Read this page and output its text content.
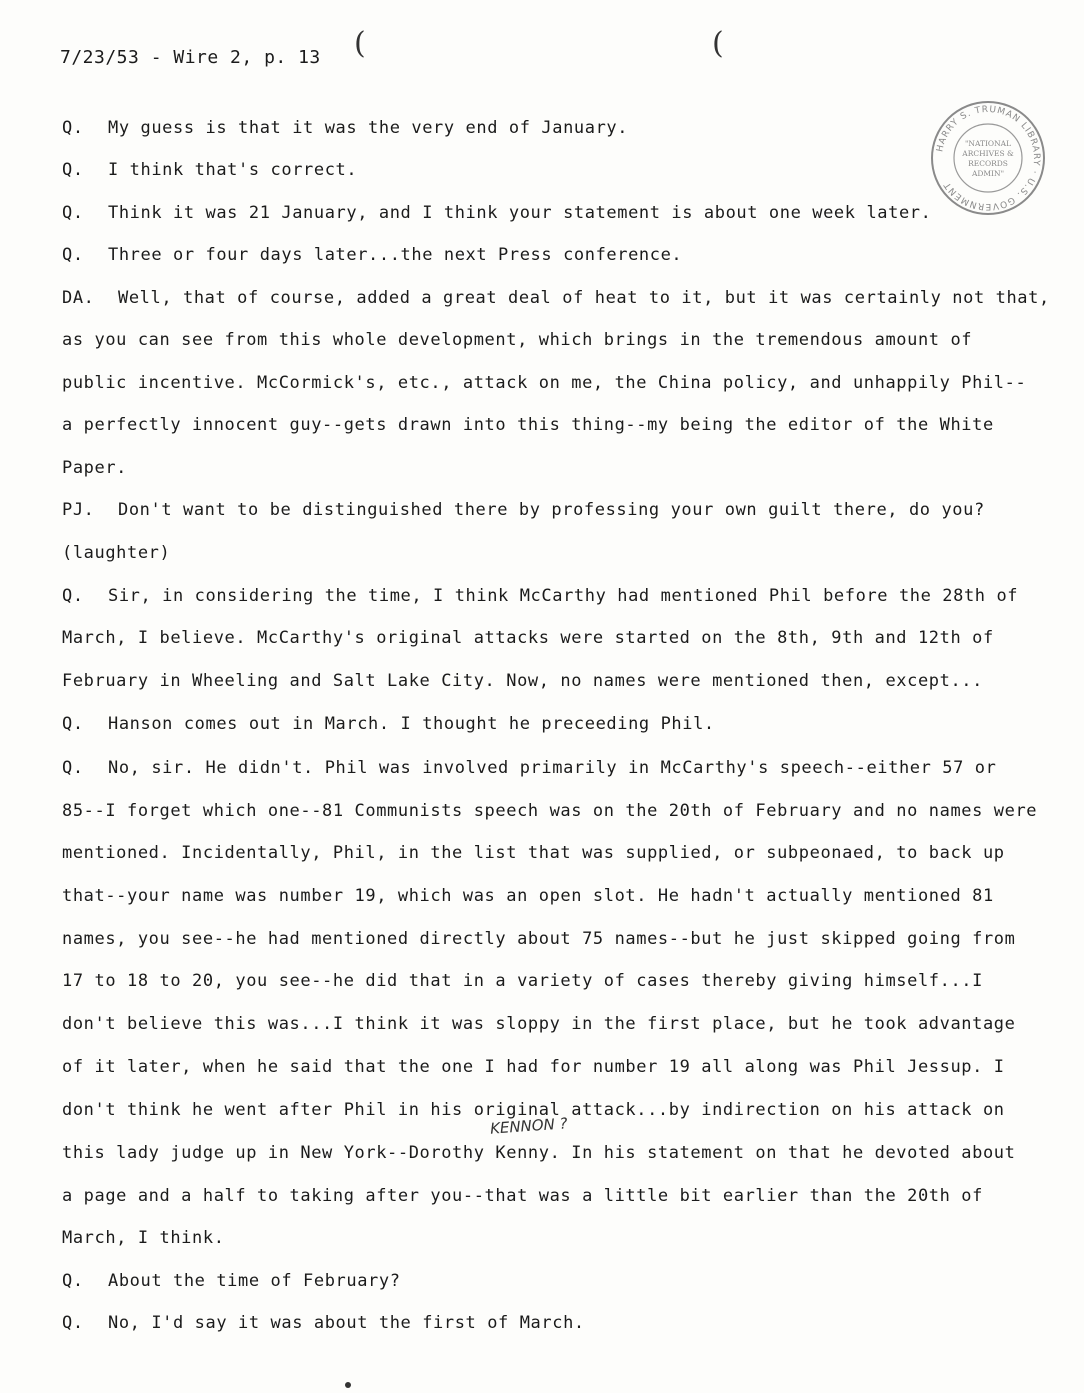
7/23/53 - Wire 2, p. 13 (	(
HARRY S. TRUMAN LIBRARY · U.S. GOVERNMENT
"NATIONAL
ARCHIVES &
RECORDS
ADMIN"
Q. My guess is that it was the very end of January.
Q. I think that's correct.
Q. Think it was 21 January, and I think your statement is about one week later.
Q. Three or four days later...the next Press conference.
DA. Well, that of course, added a great deal of heat to it, but it was certainly not that,
as you can see from this whole development, which brings in the tremendous amount of
public incentive. McCormick's, etc., attack on me, the China policy, and unhappily Phil--
a perfectly innocent guy--gets drawn into this thing--my being the editor of the White
Paper.
PJ. Don't want to be distinguished there by professing your own guilt there, do you?
(laughter)
Q. Sir, in considering the time, I think McCarthy had mentioned Phil before the 28th of
March, I believe. McCarthy's original attacks were started on the 8th, 9th and 12th of
February in Wheeling and Salt Lake City. Now, no names were mentioned then, except...
Q. Hanson comes out in March. I thought he preceeding Phil.
Q. No, sir. He didn't. Phil was involved primarily in McCarthy's speech--either 57 or
85--I forget which one--81 Communists speech was on the 20th of February and no names were
mentioned. Incidentally, Phil, in the list that was supplied, or subpeonaed, to back up
that--your name was number 19, which was an open slot. He hadn't actually mentioned 81
names, you see--he had mentioned directly about 75 names--but he just skipped going from
17 to 18 to 20, you see--he did that in a variety of cases thereby giving himself...I
don't believe this was...I think it was sloppy in the first place, but he took advantage
of it later, when he said that the one I had for number 19 all along was Phil Jessup. I
don't think he went after Phil in his original attack...by indirection on his attack on
this lady judge up in New York--Dorothy Kenny. In his statement on that he devoted about
a page and a half to taking after you--that was a little bit earlier than the 20th of
March, I think.
Q. About the time of February?
Q. No, I'd say it was about the first of March.
KENNON ?
